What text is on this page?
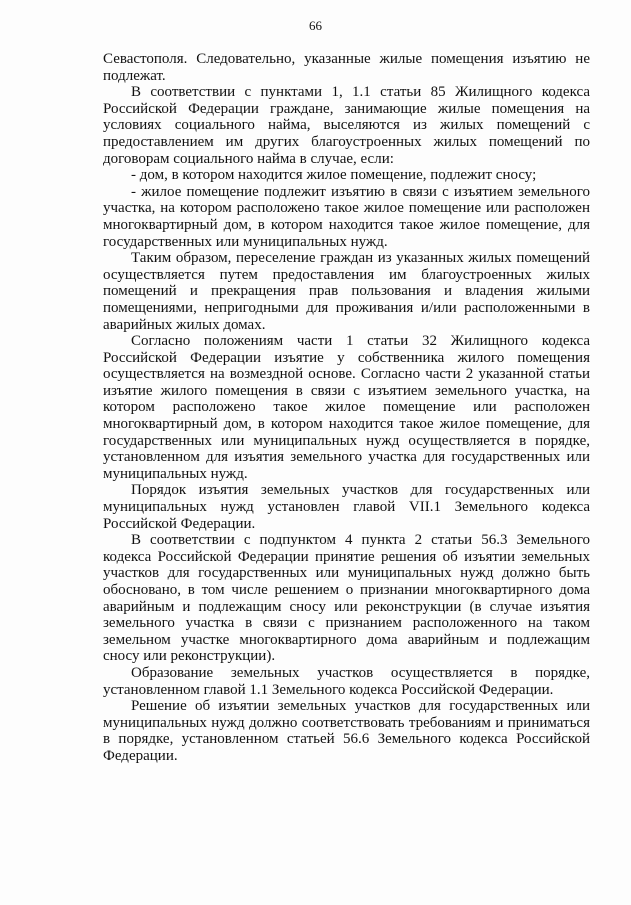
66

Севастополя. Следовательно, указанные жилые помещения изъятию не подлежат.

В соответствии с пунктами 1, 1.1 статьи 85 Жилищного кодекса Российской Федерации граждане, занимающие жилые помещения на условиях социального найма, выселяются из жилых помещений с предоставлением им других благоустроенных жилых помещений по договорам социального найма в случае, если:

- дом, в котором находится жилое помещение, подлежит сносу;

- жилое помещение подлежит изъятию в связи с изъятием земельного участка, на котором расположено такое жилое помещение или расположен многоквартирный дом, в котором находится такое жилое помещение, для государственных или муниципальных нужд.

Таким образом, переселение граждан из указанных жилых помещений осуществляется путем предоставления им благоустроенных жилых помещений и прекращения прав пользования и владения жилыми помещениями, непригодными для проживания и/или расположенными в аварийных жилых домах.

Согласно положениям части 1 статьи 32 Жилищного кодекса Российской Федерации изъятие у собственника жилого помещения осуществляется на возмездной основе. Согласно части 2 указанной статьи изъятие жилого помещения в связи с изъятием земельного участка, на котором расположено такое жилое помещение или расположен многоквартирный дом, в котором находится такое жилое помещение, для государственных или муниципальных нужд осуществляется в порядке, установленном для изъятия земельного участка для государственных или муниципальных нужд.

Порядок изъятия земельных участков для государственных или муниципальных нужд установлен главой VII.1 Земельного кодекса Российской Федерации.

В соответствии с подпунктом 4 пункта 2 статьи 56.3 Земельного кодекса Российской Федерации принятие решения об изъятии земельных участков для государственных или муниципальных нужд должно быть обосновано, в том числе решением о признании многоквартирного дома аварийным и подлежащим сносу или реконструкции (в случае изъятия земельного участка в связи с признанием расположенного на таком земельном участке многоквартирного дома аварийным и подлежащим сносу или реконструкции).

Образование земельных участков осуществляется в порядке, установленном главой 1.1 Земельного кодекса Российской Федерации.

Решение об изъятии земельных участков для государственных или муниципальных нужд должно соответствовать требованиям и приниматься в порядке, установленном статьей 56.6 Земельного кодекса Российской Федерации.
